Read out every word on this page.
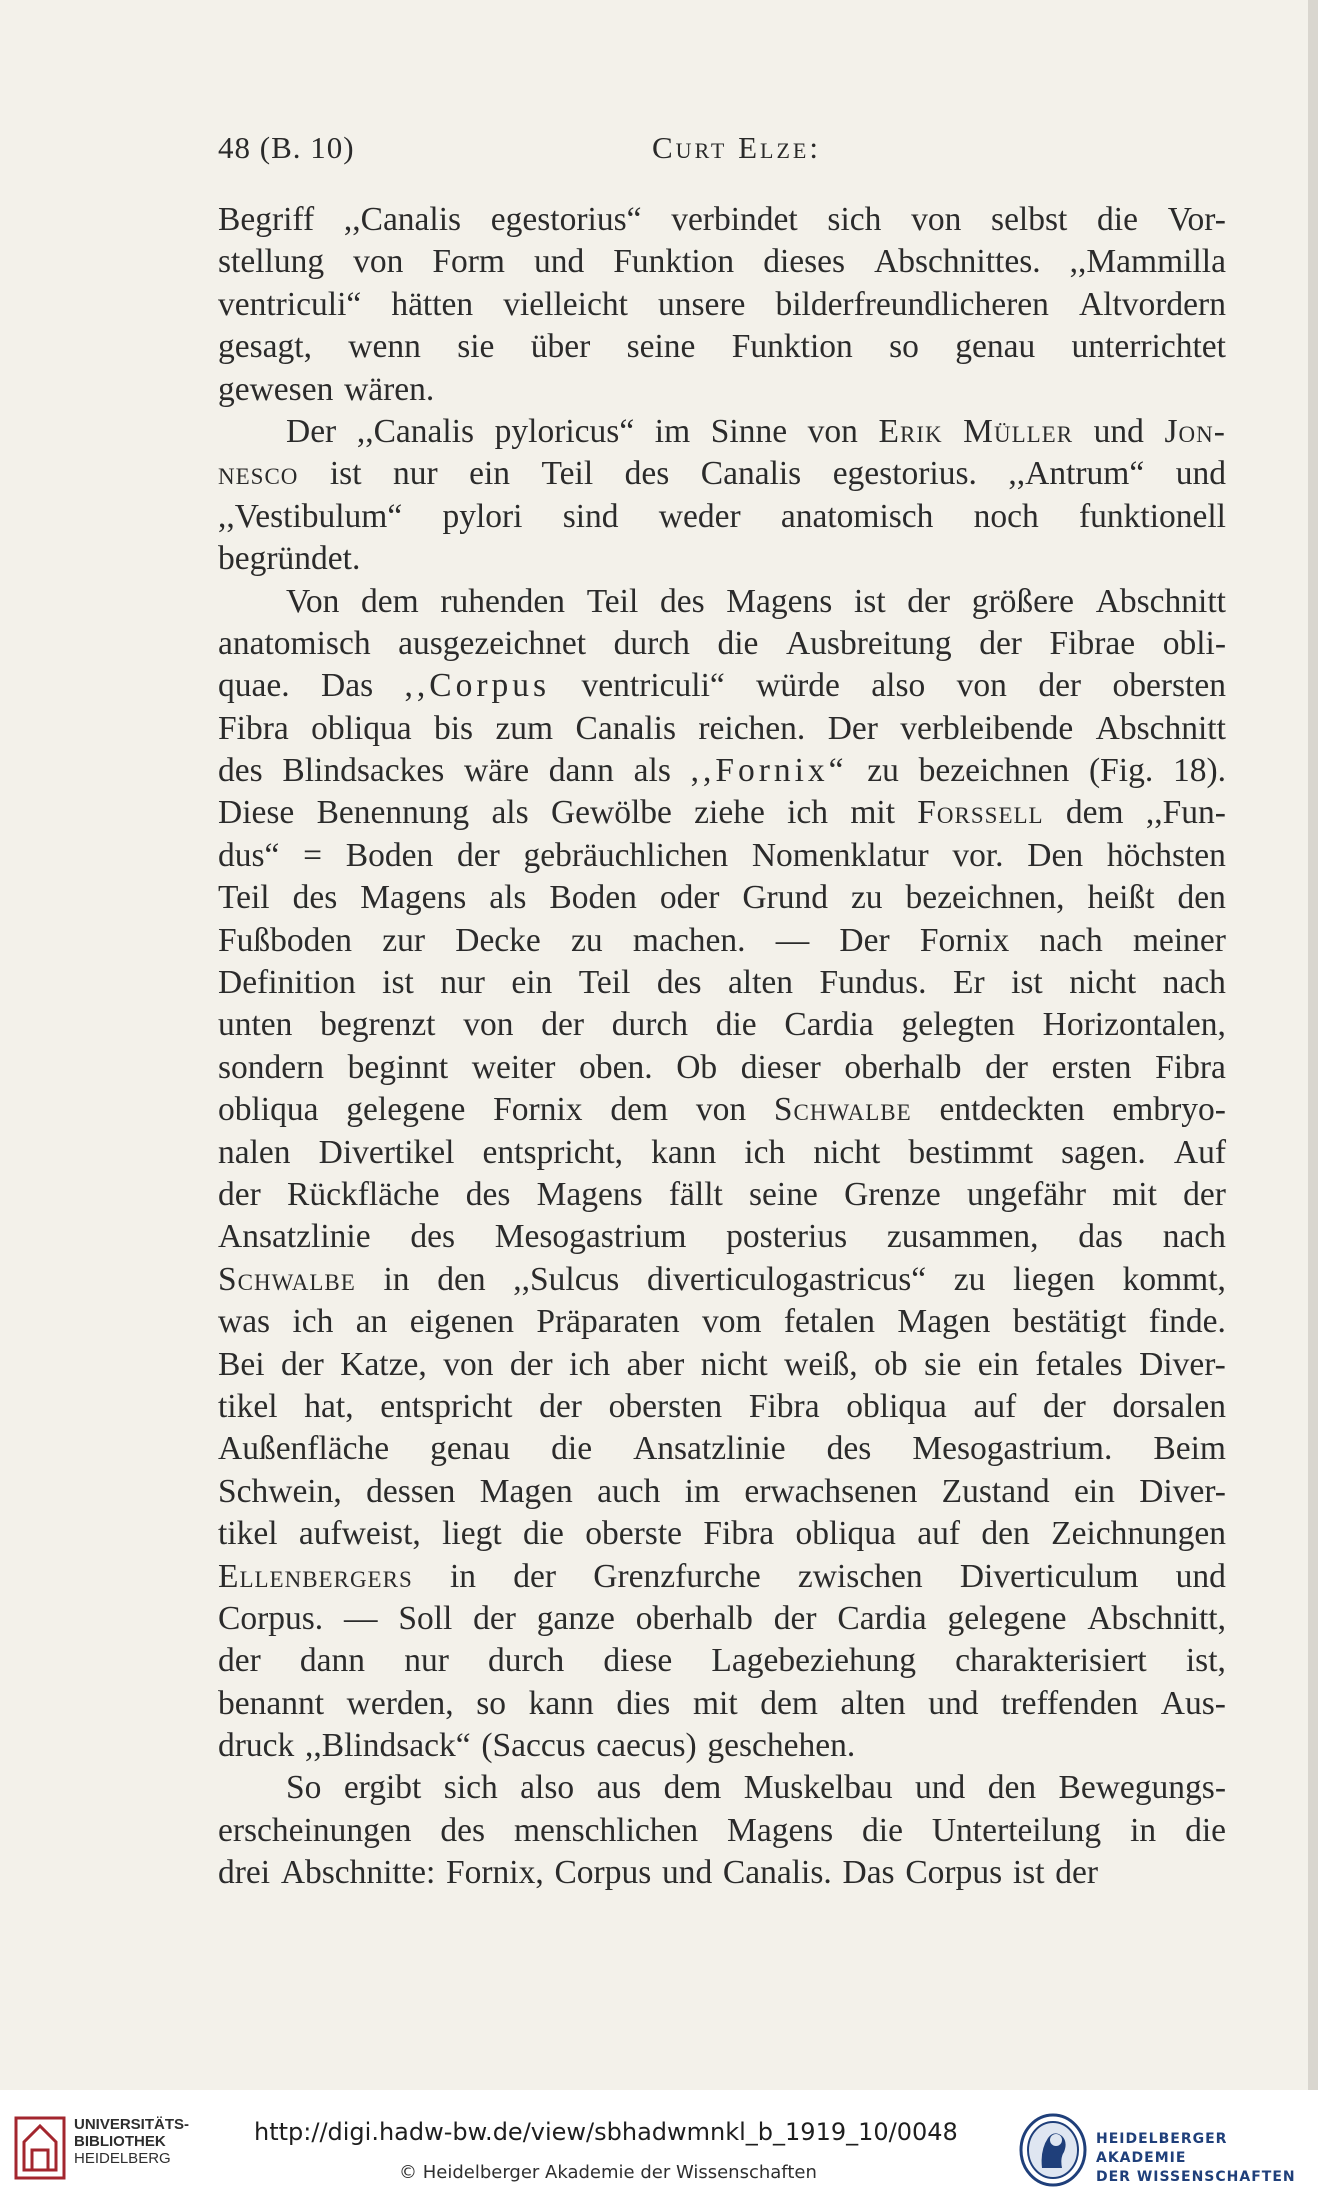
48 (B. 10)	Curt Elze:
Begriff ,,Canalis egestorius“ verbindet sich von selbst die Vor-
stellung von Form und Funktion dieses Abschnittes. ,,Mammilla
ventriculi“ hätten vielleicht unsere bilderfreundlicheren Altvordern
gesagt, wenn sie über seine Funktion so genau unterrichtet
gewesen wären.
Der ,,Canalis pyloricus“ im Sinne von Erik Müller und Jon-
nesco ist nur ein Teil des Canalis egestorius. ,,Antrum“ und
,,Vestibulum“ pylori sind weder anatomisch noch funktionell
begründet.
Von dem ruhenden Teil des Magens ist der größere Abschnitt
anatomisch ausgezeichnet durch die Ausbreitung der Fibrae obli-
quae. Das ,,Corpus ventriculi“ würde also von der obersten
Fibra obliqua bis zum Canalis reichen. Der verbleibende Abschnitt
des Blindsackes wäre dann als ,,Fornix“ zu bezeichnen (Fig. 18).
Diese Benennung als Gewölbe ziehe ich mit Forssell dem ,,Fun-
dus“ = Boden der gebräuchlichen Nomenklatur vor. Den höchsten
Teil des Magens als Boden oder Grund zu bezeichnen, heißt den
Fußboden zur Decke zu machen. — Der Fornix nach meiner
Definition ist nur ein Teil des alten Fundus. Er ist nicht nach
unten begrenzt von der durch die Cardia gelegten Horizontalen,
sondern beginnt weiter oben. Ob dieser oberhalb der ersten Fibra
obliqua gelegene Fornix dem von Schwalbe entdeckten embryo-
nalen Divertikel entspricht, kann ich nicht bestimmt sagen. Auf
der Rückfläche des Magens fällt seine Grenze ungefähr mit der
Ansatzlinie des Mesogastrium posterius zusammen, das nach
Schwalbe in den ,,Sulcus diverticulogastricus“ zu liegen kommt,
was ich an eigenen Präparaten vom fetalen Magen bestätigt finde.
Bei der Katze, von der ich aber nicht weiß, ob sie ein fetales Diver-
tikel hat, entspricht der obersten Fibra obliqua auf der dorsalen
Außenfläche genau die Ansatzlinie des Mesogastrium. Beim
Schwein, dessen Magen auch im erwachsenen Zustand ein Diver-
tikel aufweist, liegt die oberste Fibra obliqua auf den Zeichnungen
Ellenbergers in der Grenzfurche zwischen Diverticulum und
Corpus. — Soll der ganze oberhalb der Cardia gelegene Abschnitt,
der dann nur durch diese Lagebeziehung charakterisiert ist,
benannt werden, so kann dies mit dem alten und treffenden Aus-
druck ,,Blindsack“ (Saccus caecus) geschehen.
So ergibt sich also aus dem Muskelbau und den Bewegungs-
erscheinungen des menschlichen Magens die Unterteilung in die
drei Abschnitte: Fornix, Corpus und Canalis. Das Corpus ist der
UNIVERSITÄTS-
BIBLIOTHEK
HEIDELBERG
http://digi.hadw-bw.de/view/sbhadwmnkl_b_1919_10/0048
© Heidelberger Akademie der Wissenschaften
HEIDELBERGER AKADEMIE
DER WISSENSCHAFTEN
